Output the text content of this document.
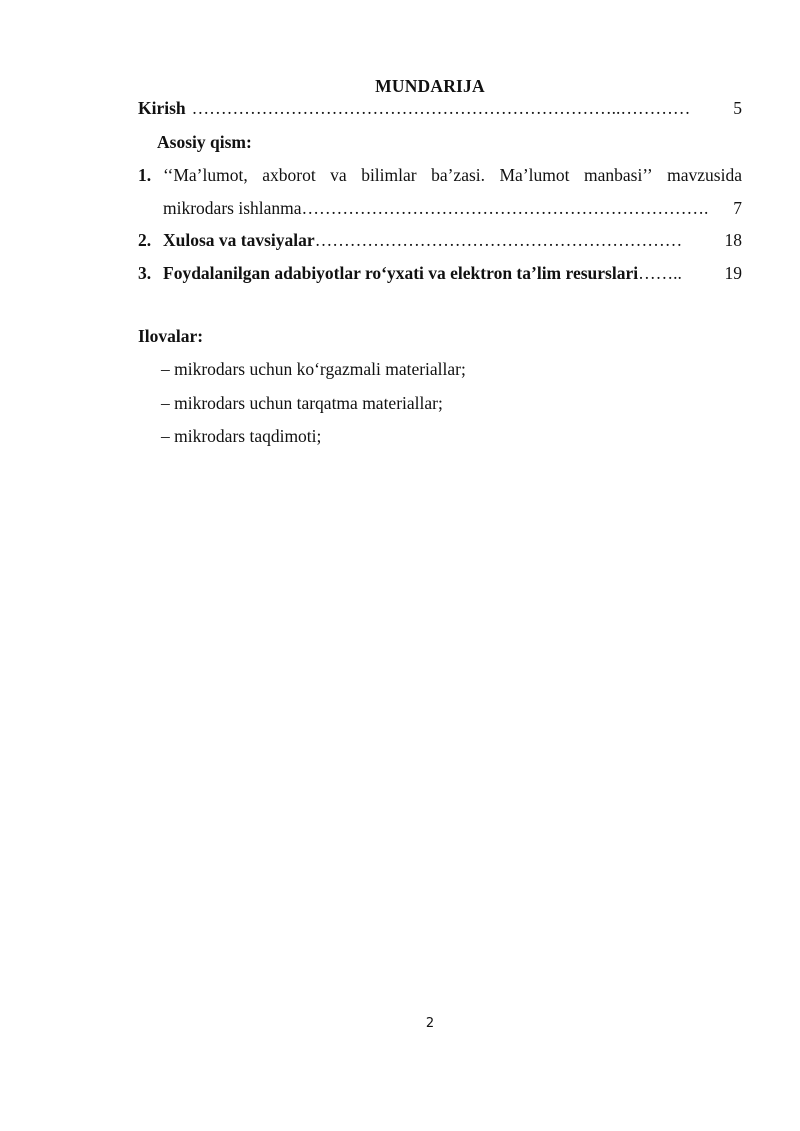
MUNDARIJA
Kirish ………………………………………………………………..…………	5
Asosiy qism:
1. ‘‘Ma’lumot, axborot va bilimlar ba’zasi. Ma’lumot manbasi’’ mavzusida
mikrodars ishlanma …………………………………………………………….	7
2. Xulosa va tavsiyalar ………………………………………………………	18
3. Foydalanilgan adabiyotlar ro‘yxati va elektron ta’lim resurslari ……..	19
Ilovalar:
– mikrodars uchun ko‘rgazmali materiallar;
– mikrodars uchun tarqatma materiallar;
– mikrodars taqdimoti;
2
